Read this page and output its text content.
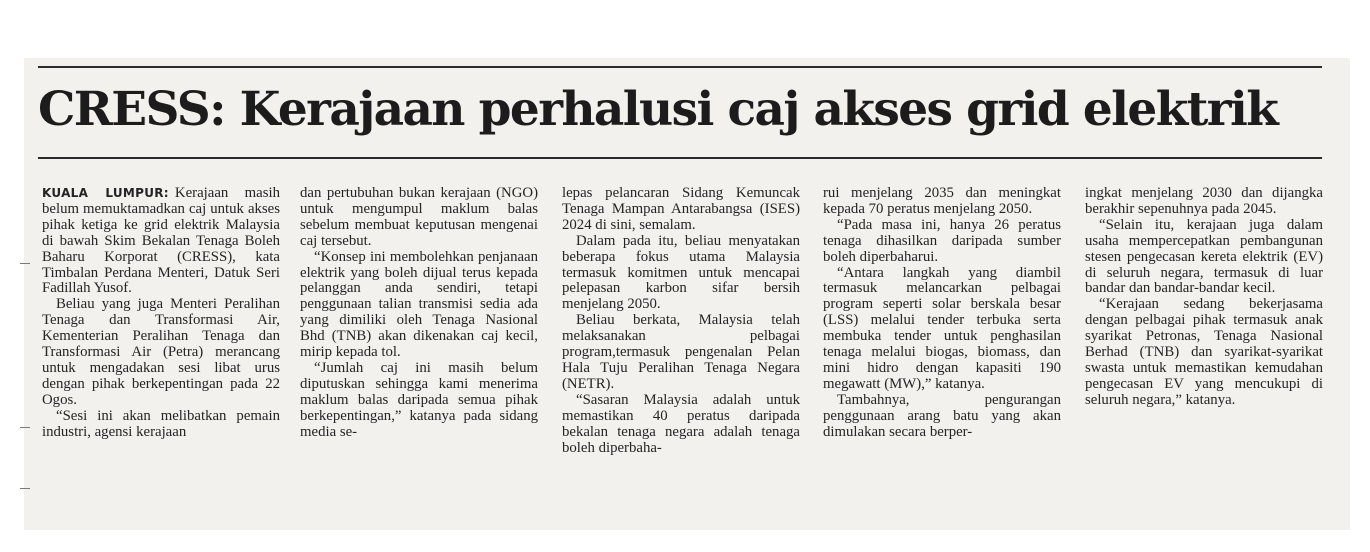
CRESS: Kerajaan perhalusi caj akses grid elektrik

KUALA LUMPUR: Kerajaan masih belum memuktamadkan caj untuk akses pihak ketiga ke grid elektrik Malaysia di bawah Skim Bekalan Tenaga Boleh Baharu Korporat (CRESS), kata Timbalan Perdana Menteri, Datuk Seri Fadillah Yusof.

Beliau yang juga Menteri Peralihan Tenaga dan Transformasi Air, Kementerian Peralihan Tenaga dan Transformasi Air (Petra) merancang untuk mengadakan sesi libat urus dengan pihak berkepentingan pada 22 Ogos.

“Sesi ini akan melibatkan pemain industri, agensi kerajaan

dan pertubuhan bukan kerajaan (NGO) untuk mengumpul maklum balas sebelum membuat keputusan mengenai caj tersebut.

“Konsep ini membolehkan penjanaan elektrik yang boleh dijual terus kepada pelanggan anda sendiri, tetapi penggunaan talian transmisi sedia ada yang dimiliki oleh Tenaga Nasional Bhd (TNB) akan dikenakan caj kecil, mirip kepada tol.

“Jumlah caj ini masih belum diputuskan sehingga kami menerima maklum balas daripada semua pihak berkepentingan,” katanya pada sidang media se-

lepas pelancaran Sidang Kemuncak Tenaga Mampan Antarabangsa (ISES) 2024 di sini, semalam.

Dalam pada itu, beliau menyatakan beberapa fokus utama Malaysia termasuk komitmen untuk mencapai pelepasan karbon sifar bersih menjelang 2050.

Beliau berkata, Malaysia telah melaksanakan pelbagai program,termasuk pengenalan Pelan Hala Tuju Peralihan Tenaga Negara (NETR).

“Sasaran Malaysia adalah untuk memastikan 40 peratus daripada bekalan tenaga negara adalah tenaga boleh diperbaha-

rui menjelang 2035 dan meningkat kepada 70 peratus menjelang 2050.

“Pada masa ini, hanya 26 peratus tenaga dihasilkan daripada sumber boleh diperbaharui.

“Antara langkah yang diambil termasuk melancarkan pelbagai program seperti solar berskala besar (LSS) melalui tender terbuka serta membuka tender untuk penghasilan tenaga melalui biogas, biomass, dan mini hidro dengan kapasiti 190 megawatt (MW),” katanya.

Tambahnya, pengurangan penggunaan arang batu yang akan dimulakan secara berper-

ingkat menjelang 2030 dan dijangka berakhir sepenuhnya pada 2045.

“Selain itu, kerajaan juga dalam usaha mempercepatkan pembangunan stesen pengecasan kereta elektrik (EV) di seluruh negara, termasuk di luar bandar dan bandar-bandar kecil.

“Kerajaan sedang bekerjasama dengan pelbagai pihak termasuk anak syarikat Petronas, Tenaga Nasional Berhad (TNB) dan syarikat-syarikat swasta untuk memastikan kemudahan pengecasan EV yang mencukupi di seluruh negara,” katanya.
